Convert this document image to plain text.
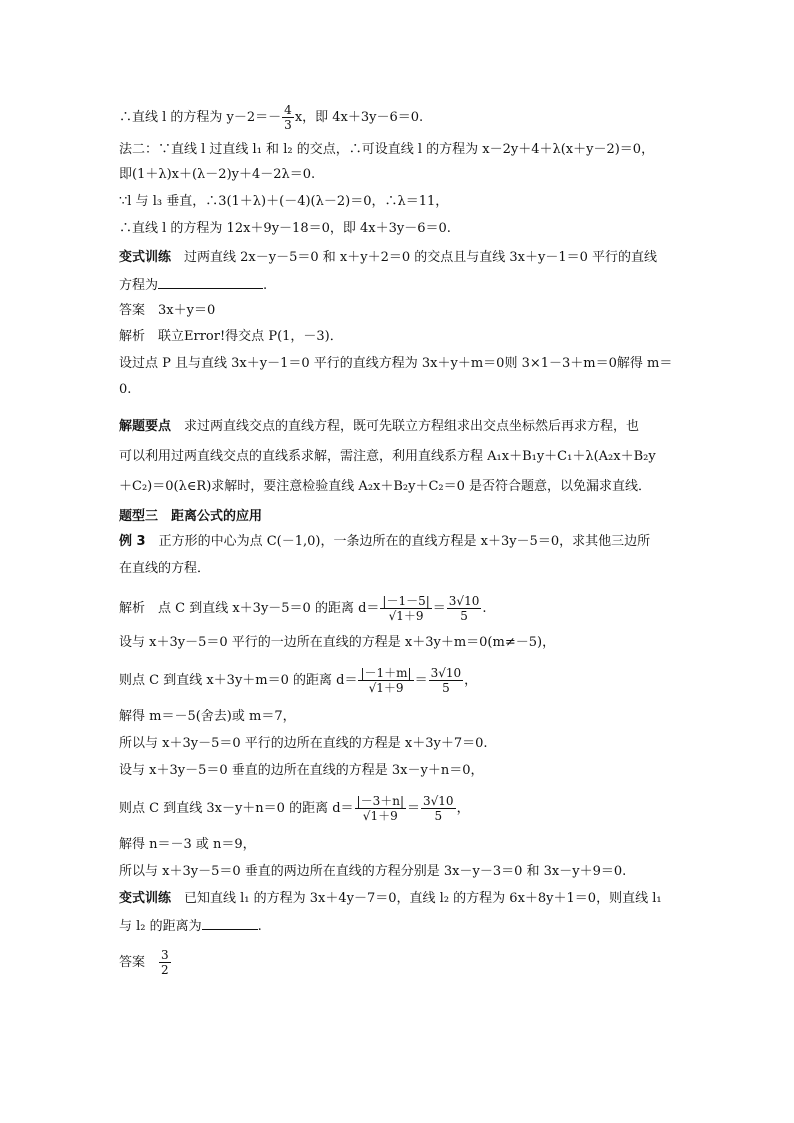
∴直线 l 的方程为 $y-2=- \frac{4}{3}$ x，即 4x＋3y－6＝0.
法二：∵直线 l 过直线 l₁ 和 l₂ 的交点，∴可设直线 l 的方程为 x－2y＋4＋λ(x＋y－2)＝0，
即(1＋λ)x＋(λ－2)y＋4－2λ＝0.
∵l 与 l₃ 垂直，∴3(1＋λ)＋(－4)(λ－2)＝0，∴λ＝11，
∴直线 l 的方程为 12x＋9y－18＝0，即 4x＋3y－6＝0.
变式训练　过两直线 2x－y－5＝0 和 x＋y＋2＝0 的交点且与直线 3x＋y－1＝0 平行的直线
方程为	.
答案　3x＋y＝0
解析　联立Error!得交点 P(1，－3)．
设过点 P 且与直线 3x＋y－1＝0 平行的直线方程为 3x＋y＋m＝0则 3×1－3＋m＝0解得 m＝
0.
解题要点　求过两直线交点的直线方程，既可先联立方程组求出交点坐标然后再求方程，也
可以利用过两直线交点的直线系求解，需注意，利用直线系方程 A₁x＋B₁y＋C₁＋λ(A₂x＋B₂y
＋C₂)＝0(λ∈R)求解时，要注意检验直线 A₂x＋B₂y＋C₂＝0 是否符合题意，以免漏求直线．
题型三　距离公式的应用
例 3　正方形的中心为点 C(－1,0)，一条边所在的直线方程是 x＋3y－5＝0，求其他三边所
在直线的方程．
解析　点 C 到直线 x＋3y－5＝0 的距离 $d= \frac{|-1-5|}{√1+9} = \frac{3√10}{5}$ .
设与 x＋3y－5＝0 平行的一边所在直线的方程是 x＋3y＋m＝0(m≠－5)，
则点 C 到直线 x＋3y＋m＝0 的距离 $d= \frac{|-1+m|}{√1+9} = \frac{3√10}{5}$ ，
解得 m＝－5(舍去)或 m＝7，
所以与 x＋3y－5＝0 平行的边所在直线的方程是 x＋3y＋7＝0.
设与 x＋3y－5＝0 垂直的边所在直线的方程是 3x－y＋n＝0，
则点 C 到直线 3x－y＋n＝0 的距离 $d= \frac{|-3+n|}{√1+9} = \frac{3√10}{5}$ ，
解得 n＝－3 或 n＝9，
所以与 x＋3y－5＝0 垂直的两边所在直线的方程分别是 3x－y－3＝0 和 3x－y＋9＝0.
变式训练　已知直线 l₁ 的方程为 3x＋4y－7＝0，直线 l₂ 的方程为 6x＋8y＋1＝0，则直线 l₁
与 l₂ 的距离为	.
答案　 $\frac{3}{2}$
